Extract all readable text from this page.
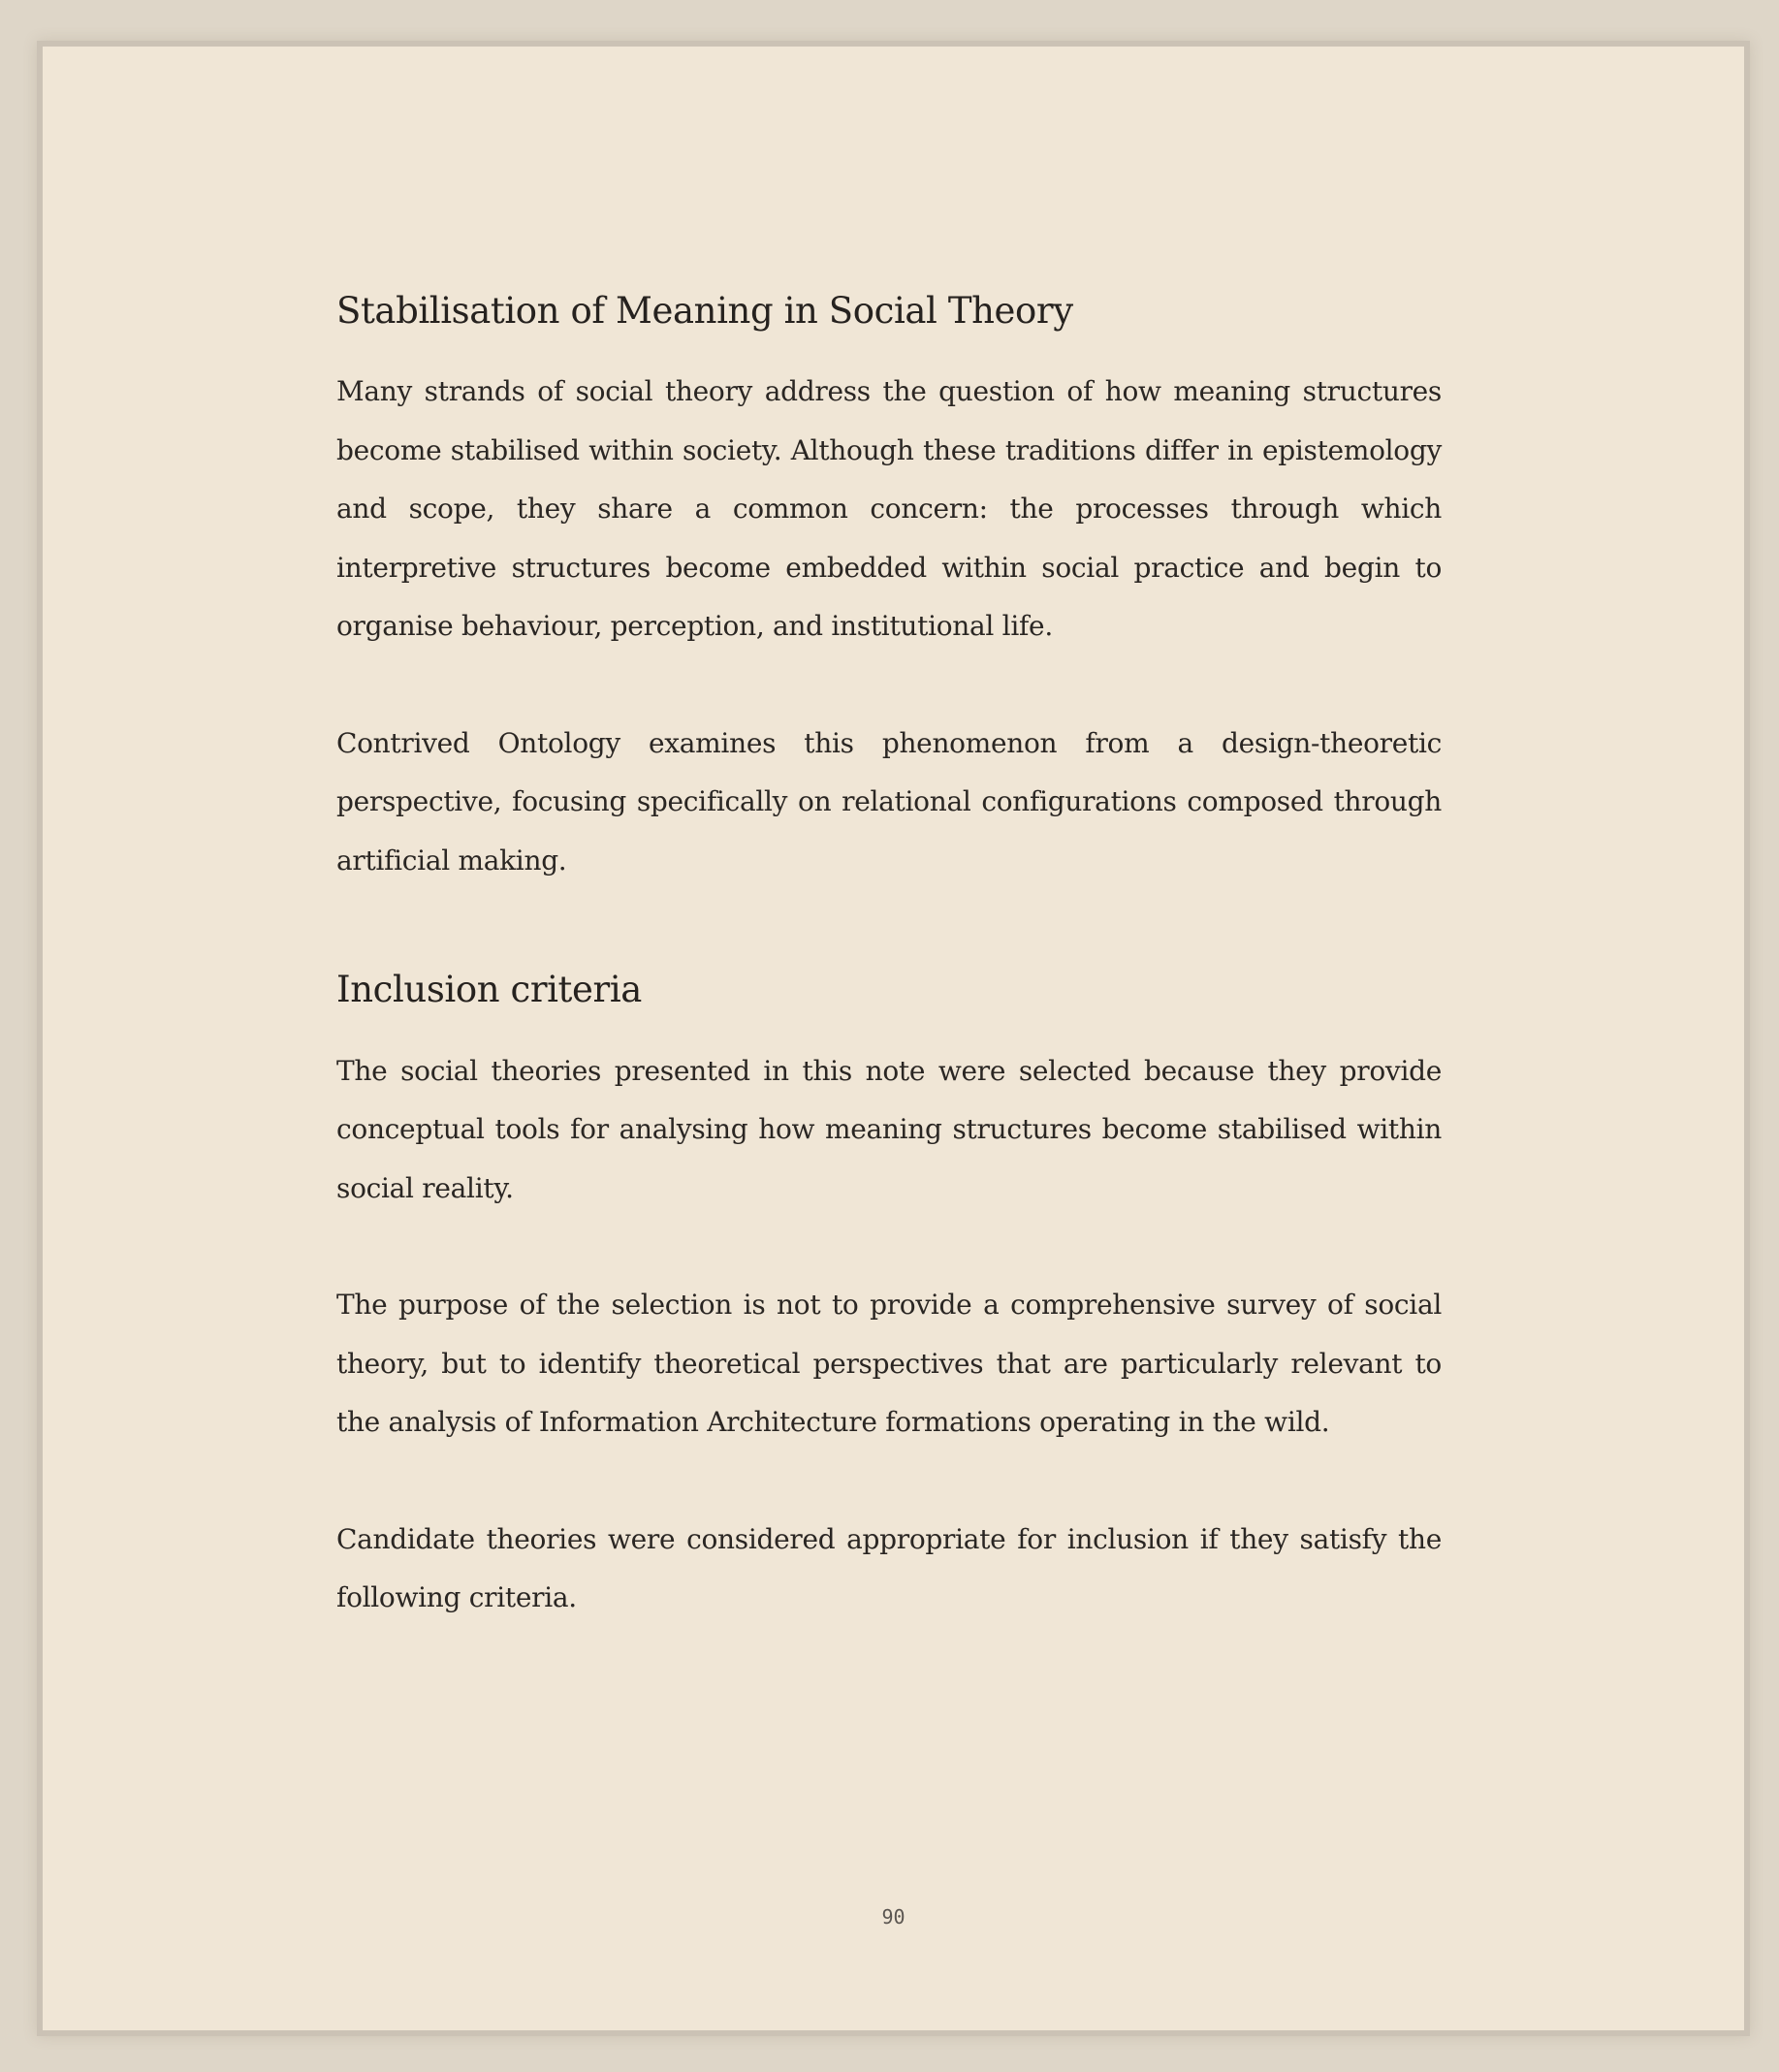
Stabilisation of Meaning in Social Theory

Many strands of social theory address the question of how meaning structures become stabilised within society. Although these traditions differ in epistemology and scope, they share a common concern: the processes through which interpretive structures become embedded within social practice and begin to organise behaviour, perception, and institutional life.

Contrived Ontology examines this phenomenon from a design-theoretic perspective, focusing specifically on relational configurations composed through artificial making.

Inclusion criteria

The social theories presented in this note were selected because they provide conceptual tools for analysing how meaning structures become stabilised within social reality.

The purpose of the selection is not to provide a comprehensive survey of social theory, but to identify theoretical perspectives that are particularly relevant to the analysis of Information Architecture formations operating in the wild.

Candidate theories were considered appropriate for inclusion if they satisfy the following criteria.

90
